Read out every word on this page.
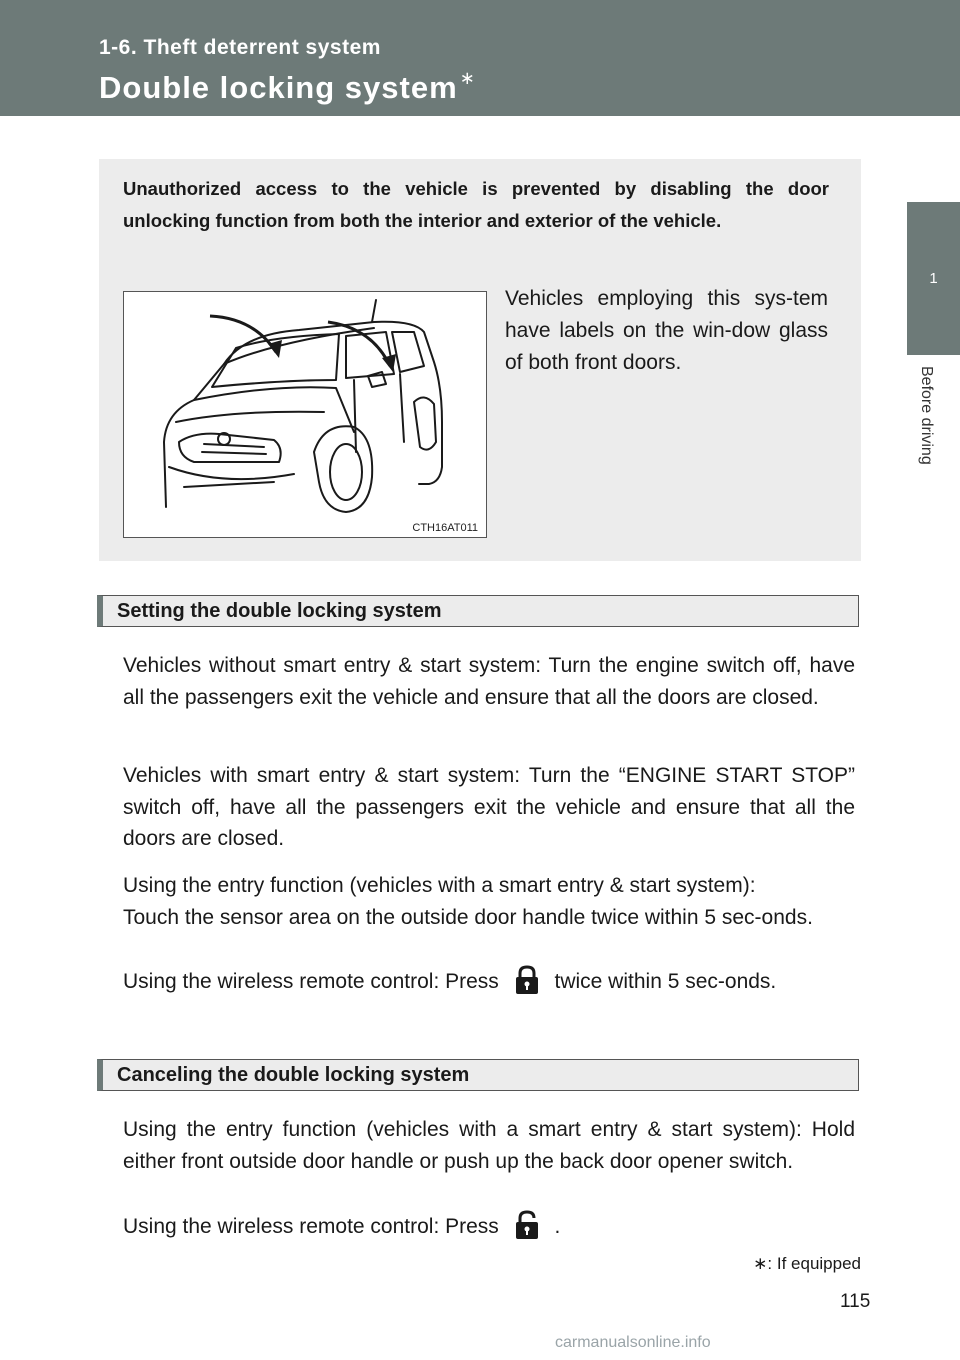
1-6. Theft deterrent system
Double locking system ∗
1
Before driving
Unauthorized access to the vehicle is prevented by disabling the door unlocking function from both the interior and exterior of the vehicle.
CTH16AT011
Vehicles employing this sys-tem have labels on the win-dow glass of both front doors.
Setting the double locking system
Vehicles without smart entry & start system: Turn the engine switch off, have all the passengers exit the vehicle and ensure that all the doors are closed.
Vehicles with smart entry & start system: Turn the “ENGINE START STOP” switch off, have all the passengers exit the vehicle and ensure that all the doors are closed.
Using the entry function (vehicles with a smart entry & start system):
Touch the sensor area on the outside door handle twice within 5 sec-onds.
Using the wireless remote control: Press	twice within 5 sec-onds.
Canceling the double locking system
Using the entry function (vehicles with a smart entry & start system): Hold either front outside door handle or push up the back door opener switch.
Using the wireless remote control: Press	.
∗: If equipped
115
carmanualsonline.info
